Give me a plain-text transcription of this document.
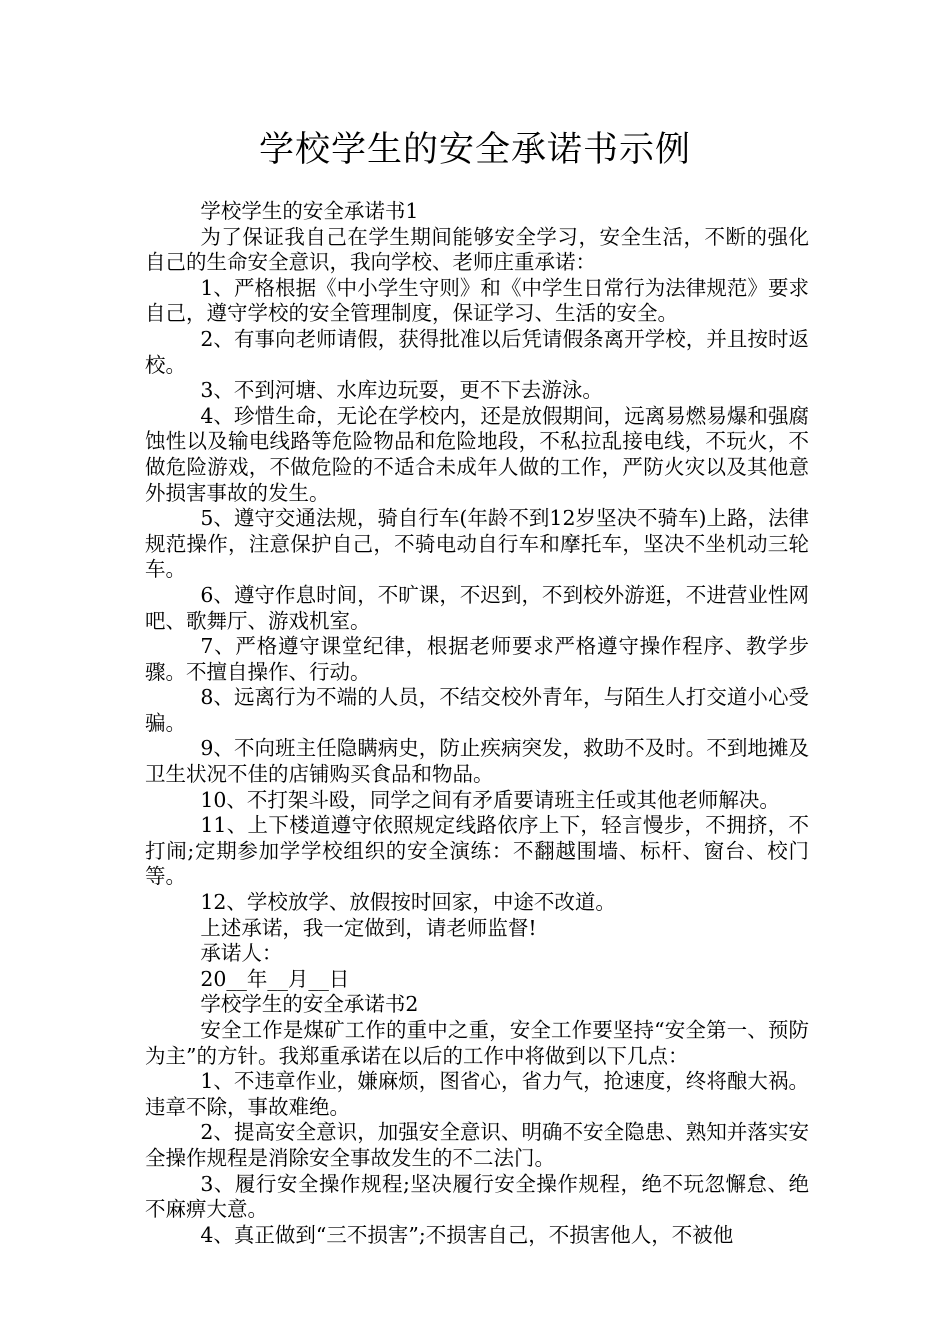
学校学生的安全承诺书示例

学校学生的安全承诺书1

为了保证我自己在学生期间能够安全学习，安全生活，不断的强化自己的生命安全意识，我向学校、老师庄重承诺：

1、严格根据《中小学生守则》和《中学生日常行为法律规范》要求自己，遵守学校的安全管理制度，保证学习、生活的安全。

2、有事向老师请假，获得批准以后凭请假条离开学校，并且按时返校。

3、不到河塘、水库边玩耍，更不下去游泳。

4、珍惜生命，无论在学校内，还是放假期间，远离易燃易爆和强腐蚀性以及输电线路等危险物品和危险地段，不私拉乱接电线，不玩火，不做危险游戏，不做危险的不适合未成年人做的工作，严防火灾以及其他意外损害事故的发生。

5、遵守交通法规，骑自行车(年龄不到12岁坚决不骑车)上路，法律规范操作，注意保护自己，不骑电动自行车和摩托车，坚决不坐机动三轮车。

6、遵守作息时间，不旷课，不迟到，不到校外游逛，不进营业性网吧、歌舞厅、游戏机室。

7、严格遵守课堂纪律，根据老师要求严格遵守操作程序、教学步骤。不擅自操作、行动。

8、远离行为不端的人员，不结交校外青年，与陌生人打交道小心受骗。

9、不向班主任隐瞒病史，防止疾病突发，救助不及时。不到地摊及卫生状况不佳的店铺购买食品和物品。

10、不打架斗殴，同学之间有矛盾要请班主任或其他老师解决。

11、上下楼道遵守依照规定线路依序上下，轻言慢步，不拥挤，不打闹;定期参加学学校组织的安全演练：不翻越围墙、标杆、窗台、校门等。

12、学校放学、放假按时回家，中途不改道。

上述承诺，我一定做到，请老师监督!

承诺人：

20__年__月__日

学校学生的安全承诺书2

安全工作是煤矿工作的重中之重，安全工作要坚持“安全第一、预防为主”的方针。我郑重承诺在以后的工作中将做到以下几点：

1、不违章作业，嫌麻烦，图省心，省力气，抢速度，终将酿大祸。违章不除，事故难绝。

2、提高安全意识，加强安全意识、明确不安全隐患、熟知并落实安全操作规程是消除安全事故发生的不二法门。

3、履行安全操作规程;坚决履行安全操作规程，绝不玩忽懈怠、绝不麻痹大意。

4、真正做到“三不损害”;不损害自己，不损害他人，不被他
